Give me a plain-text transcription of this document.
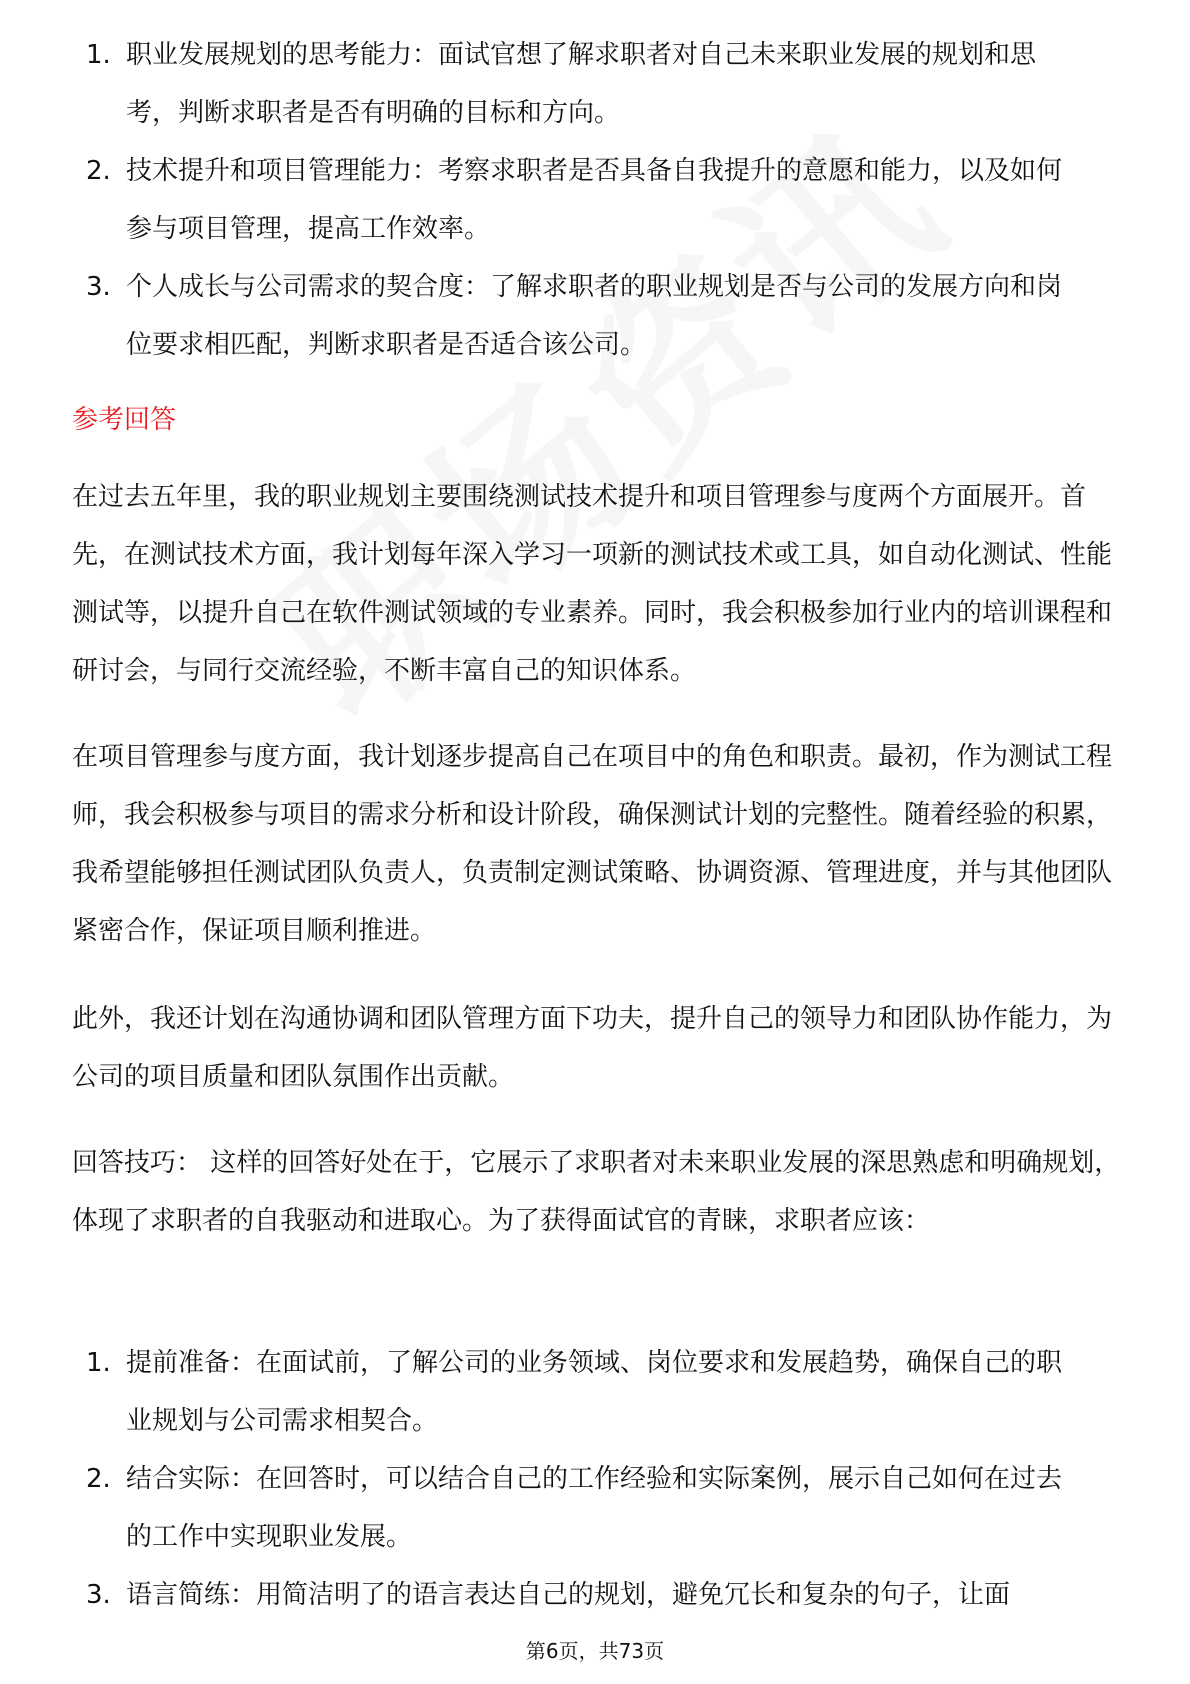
1. 职业发展规划的思考能力：面试官想了解求职者对自己未来职业发展的规划和思考，判断求职者是否有明确的目标和方向。
2. 技术提升和项目管理能力：考察求职者是否具备自我提升的意愿和能力，以及如何参与项目管理，提高工作效率。
3. 个人成长与公司需求的契合度：了解求职者的职业规划是否与公司的发展方向和岗位要求相匹配，判断求职者是否适合该公司。
参考回答

在过去五年里，我的职业规划主要围绕测试技术提升和项目管理参与度两个方面展开。首先，在测试技术方面，我计划每年深入学习一项新的测试技术或工具，如自动化测试、性能测试等，以提升自己在软件测试领域的专业素养。同时，我会积极参加行业内的培训课程和研讨会，与同行交流经验，不断丰富自己的知识体系。

在项目管理参与度方面，我计划逐步提高自己在项目中的角色和职责。最初，作为测试工程师，我会积极参与项目的需求分析和设计阶段，确保测试计划的完整性。随着经验的积累，我希望能够担任测试团队负责人，负责制定测试策略、协调资源、管理进度，并与其他团队紧密合作，保证项目顺利推进。

此外，我还计划在沟通协调和团队管理方面下功夫，提升自己的领导力和团队协作能力，为公司的项目质量和团队氛围作出贡献。

回答技巧： 这样的回答好处在于，它展示了求职者对未来职业发展的深思熟虑和明确规划，体现了求职者的自我驱动和进取心。为了获得面试官的青睐，求职者应该：

1. 提前准备：在面试前，了解公司的业务领域、岗位要求和发展趋势，确保自己的职业规划与公司需求相契合。
2. 结合实际：在回答时，可以结合自己的工作经验和实际案例，展示自己如何在过去的工作中实现职业发展。
3. 语言简练：用简洁明了的语言表达自己的规划，避免冗长和复杂的句子，让面
第6页，共73页
